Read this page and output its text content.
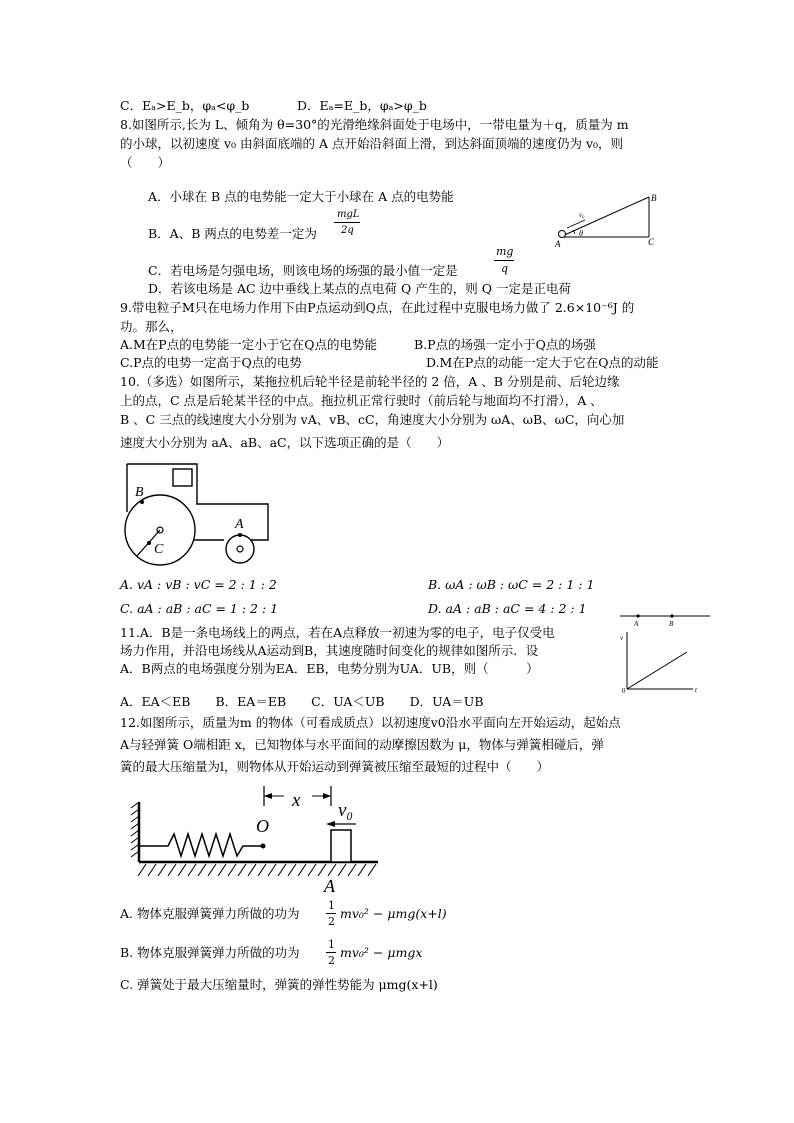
C．Eₐ>E_b，φₐ<φ_b	D．Eₐ=E_b，φₐ>φ_b
8.如图所示,长为 L、倾角为 θ=30°的光滑绝缘斜面处于电场中，一带电量为＋q，质量为 m
的小球，以初速度 v₀ 由斜面底端的 A 点开始沿斜面上滑，到达斜面顶端的速度仍为 v₀，则
（　　）
A．小球在 B 点的电势能一定大于小球在 A 点的电势能
B．A、B 两点的电势差一定为
mgL
2q
C．若电场是匀强电场，则该电场的场强的最小值一定是
mg
q
D．若该电场是 AC 边中垂线上某点的点电荷 Q 产生的，则 Q 一定是正电荷
A
B
C
v₀
θ
9.带电粒子M只在电场力作用下由P点运动到Q点，在此过程中克服电场力做了 2.6×10⁻⁶J 的
功。那么，
A.M在P点的电势能一定小于它在Q点的电势能	B.P点的场强一定小于Q点的场强
C.P点的电势一定高于Q点的电势	D.M在P点的动能一定大于它在Q点的动能
10.（多选）如图所示，某拖拉机后轮半径是前轮半径的 2 倍，A 、B 分别是前、后轮边缘
上的点，C 点是后轮某半径的中点。拖拉机正常行驶时（前后轮与地面均不打滑），A 、
B 、C 三点的线速度大小分别为 vA、vB、cC，角速度大小分别为 ωA、ωB、ωC，向心加
速度大小分别为 aA、aB、aC，以下选项正确的是（　　）
B
C
A
A. vA : vB : vC = 2 : 1 : 2	B. ωA : ωB : ωC = 2 : 1 : 1
C. aA : aB : aC = 1 : 2 : 1	D. aA : aB : aC = 4 : 2 : 1
11.A．B是一条电场线上的两点，若在A点释放一初速为零的电子，电子仅受电
场力作用，并沿电场线从A运动到B，其速度随时间变化的规律如图所示．设
A．B两点的电场强度分别为EA．EB，电势分别为UA．UB，则（　　　）
A．EA＜EB　　B．EA＝EB　　C．UA＜UB　　D．UA＝UB
A	B
v
t
0
12.如图所示，质量为m 的物体（可看成质点）以初速度v0沿水平面向左开始运动，起始点
A与轻弹簧 O端相距 x，已知物体与水平面间的动摩擦因数为 μ，物体与弹簧相碰后，弹
簧的最大压缩量为l，则物体从开始运动到弹簧被压缩至最短的过程中（　　）
x v₀
O
A
A. 物体克服弹簧弹力所做的功为
1
2
mv₀² − μmg(x+l)
B. 物体克服弹簧弹力所做的功为
1
2
mv₀² − μmgx
C. 弹簧处于最大压缩量时，弹簧的弹性势能为 μmg(x+l)
